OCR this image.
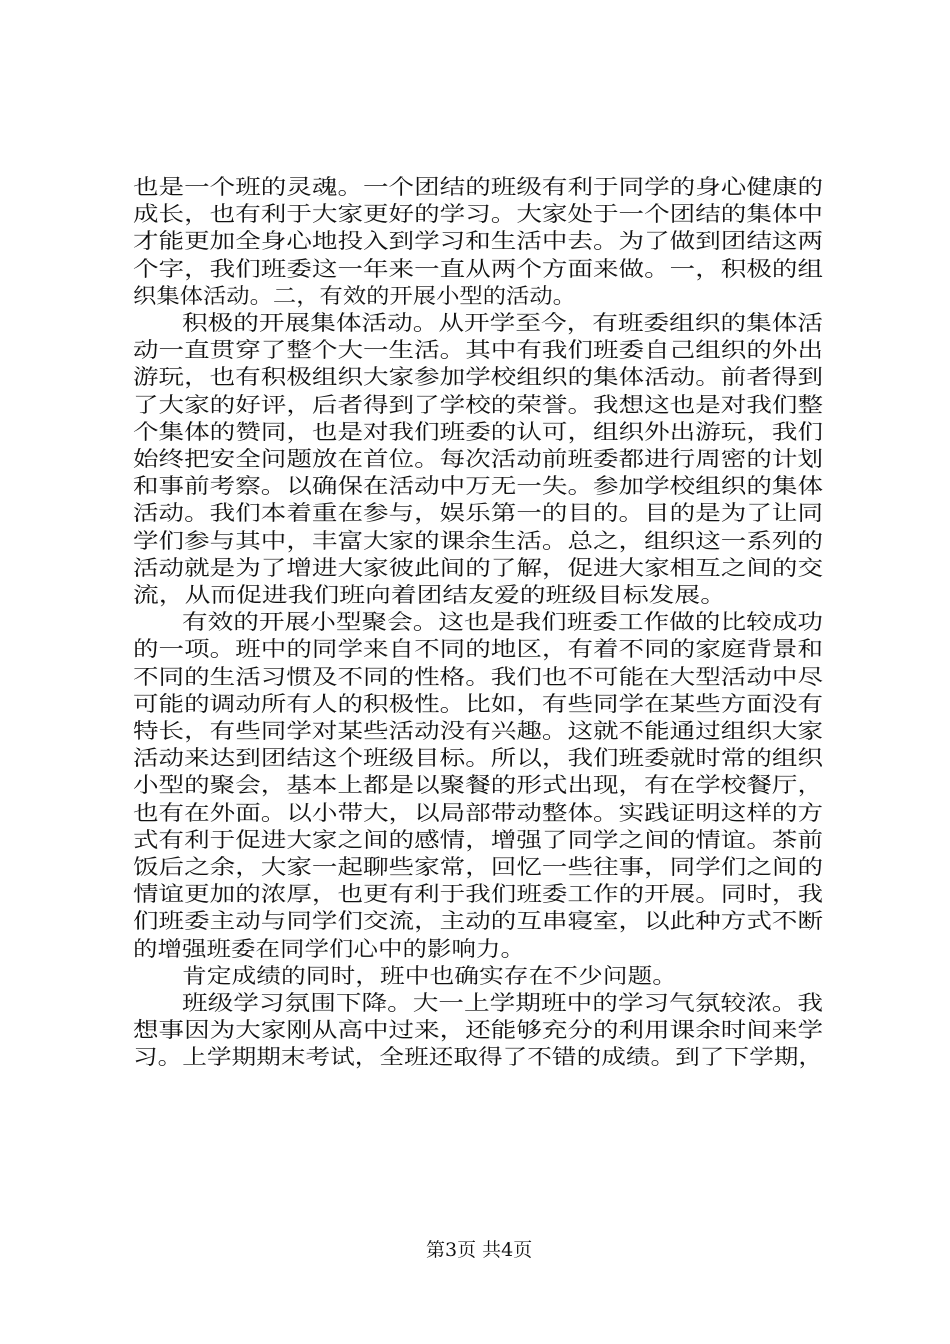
也是一个班的灵魂。一个团结的班级有利于同学的身心健康的
成长，也有利于大家更好的学习。大家处于一个团结的集体中
才能更加全身心地投入到学习和生活中去。为了做到团结这两
个字，我们班委这一年来一直从两个方面来做。一，积极的组
织集体活动。二，有效的开展小型的活动。
积极的开展集体活动。从开学至今，有班委组织的集体活
动一直贯穿了整个大一生活。其中有我们班委自己组织的外出
游玩，也有积极组织大家参加学校组织的集体活动。前者得到
了大家的好评，后者得到了学校的荣誉。我想这也是对我们整
个集体的赞同，也是对我们班委的认可，组织外出游玩，我们
始终把安全问题放在首位。每次活动前班委都进行周密的计划
和事前考察。以确保在活动中万无一失。参加学校组织的集体
活动。我们本着重在参与，娱乐第一的目的。目的是为了让同
学们参与其中，丰富大家的课余生活。总之，组织这一系列的
活动就是为了增进大家彼此间的了解，促进大家相互之间的交
流，从而促进我们班向着团结友爱的班级目标发展。
有效的开展小型聚会。这也是我们班委工作做的比较成功
的一项。班中的同学来自不同的地区，有着不同的家庭背景和
不同的生活习惯及不同的性格。我们也不可能在大型活动中尽
可能的调动所有人的积极性。比如，有些同学在某些方面没有
特长，有些同学对某些活动没有兴趣。这就不能通过组织大家
活动来达到团结这个班级目标。所以，我们班委就时常的组织
小型的聚会，基本上都是以聚餐的形式出现，有在学校餐厅，
也有在外面。以小带大，以局部带动整体。实践证明这样的方
式有利于促进大家之间的感情，增强了同学之间的情谊。茶前
饭后之余，大家一起聊些家常，回忆一些往事，同学们之间的
情谊更加的浓厚，也更有利于我们班委工作的开展。同时，我
们班委主动与同学们交流，主动的互串寝室，以此种方式不断
的增强班委在同学们心中的影响力。
肯定成绩的同时，班中也确实存在不少问题。
班级学习氛围下降。大一上学期班中的学习气氛较浓。我
想事因为大家刚从高中过来，还能够充分的利用课余时间来学
习。上学期期末考试，全班还取得了不错的成绩。到了下学期，
第3页 共4页
